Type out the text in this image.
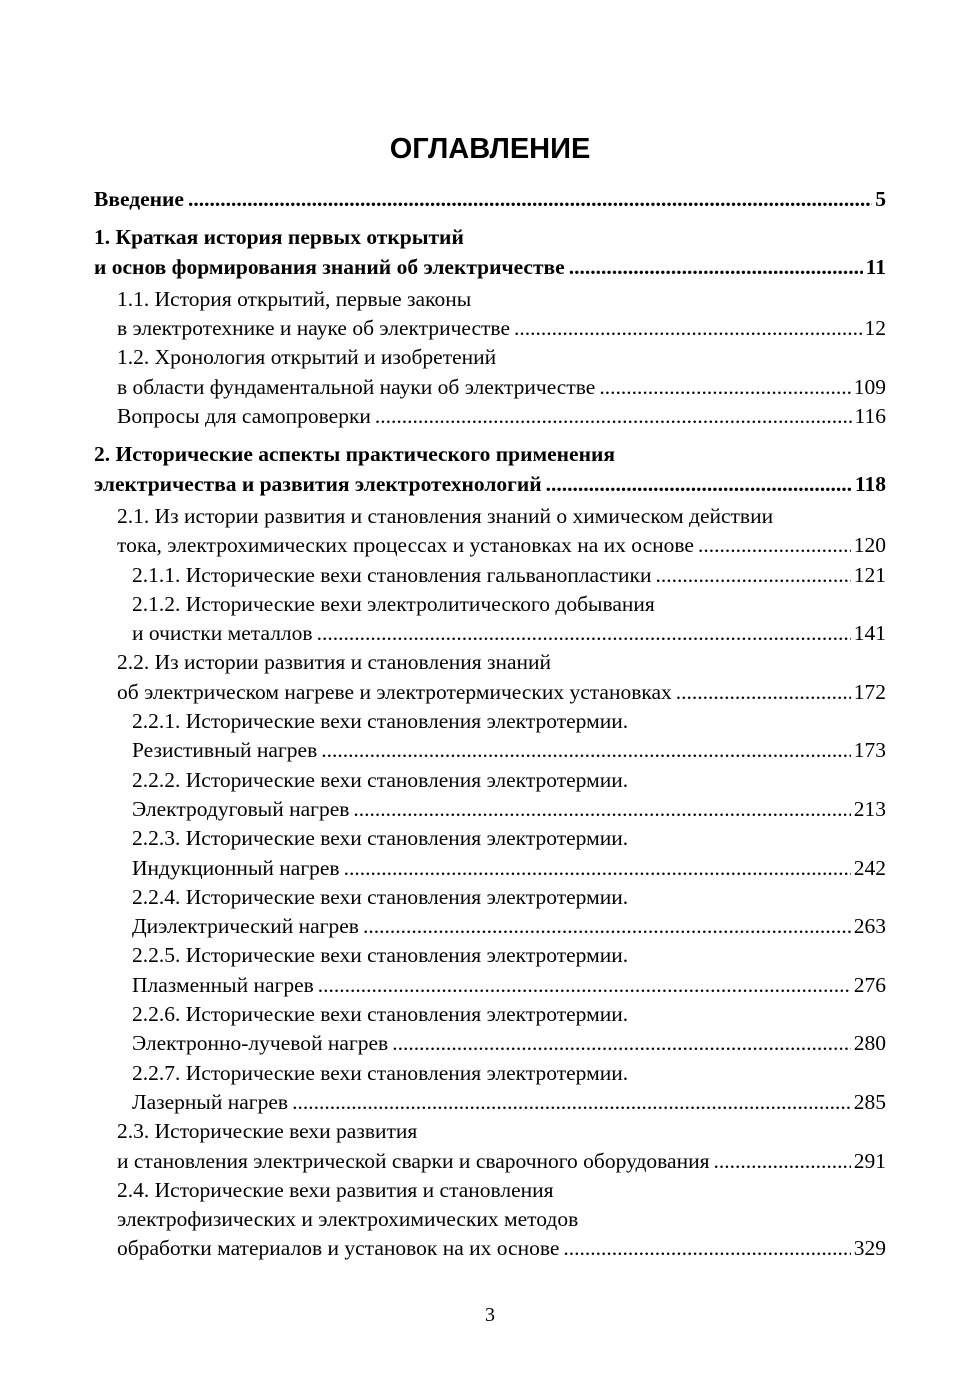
ОГЛАВЛЕНИЕ
Введение .....	5
1. Краткая история первых открытий
и основ формирования знаний об электричестве .....	11
1.1. История открытий, первые законы
в электротехнике и науке об электричестве .....	12
1.2. Хронология открытий и изобретений
в области фундаментальной науки об электричестве .....	109
Вопросы для самопроверки .....	116
2. Исторические аспекты практического применения
электричества и развития электротехнологий .....	118
2.1. Из истории развития и становления знаний о химическом действии
тока, электрохимических процессах и установках на их основе .....	120
2.1.1. Исторические вехи становления гальванопластики .....	121
2.1.2. Исторические вехи электролитического добывания
и очистки металлов .....	141
2.2. Из истории развития и становления знаний
об электрическом нагреве и электротермических установках .....	172
2.2.1. Исторические вехи становления электротермии.
Резистивный нагрев .....	173
2.2.2. Исторические вехи становления электротермии.
Электродуговый нагрев .....	213
2.2.3. Исторические вехи становления электротермии.
Индукционный нагрев .....	242
2.2.4. Исторические вехи становления электротермии.
Диэлектрический нагрев .....	263
2.2.5. Исторические вехи становления электротермии.
Плазменный нагрев .....	276
2.2.6. Исторические вехи становления электротермии.
Электронно-лучевой нагрев .....	280
2.2.7. Исторические вехи становления электротермии.
Лазерный нагрев .....	285
2.3. Исторические вехи развития
и становления электрической сварки и сварочного оборудования .....	291
2.4. Исторические вехи развития и становления
электрофизических и электрохимических методов
обработки материалов и установок на их основе .....	329
3
